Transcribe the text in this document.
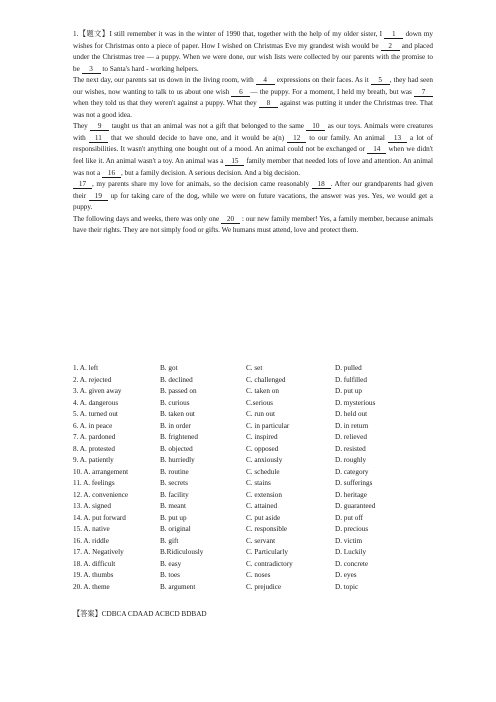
1.【题文】I still remember it was in the winter of 1990 that, together with the help of my older sister, I 1 down my wishes for Christmas onto a piece of paper. How I wished on Christmas Eve my grandest wish would be 2 and placed under the Christmas tree — a puppy. When we were done, our wish lists were collected by our parents with the promise to be 3 to Santa's hard - working helpers.

The next day, our parents sat us down in the living room, with 4 expressions on their faces. As it 5 , they had seen our wishes, now wanting to talk to us about one wish 6 — the puppy. For a moment, I held my breath, but was 7 when they told us that they weren't against a puppy. What they 8 against was putting it under the Christmas tree. That was not a good idea.

They 9 taught us that an animal was not a gift that belonged to the same 10 as our toys. Animals were creatures with 11 that we should decide to have one, and it would be a(n) 12 to our family. An animal 13 a lot of responsibilities. It wasn't anything one bought out of a mood. An animal could not be exchanged or 14 when we didn't feel like it. An animal wasn't a toy. An animal was a 15 family member that needed lots of love and attention. An animal was not a 16 , but a family decision. A serious decision. And a big decision.

17 , my parents share my love for animals, so the decision came reasonably 18 . After our grandparents had given their 19 up for taking care of the dog, while we were on future vacations, the answer was yes. Yes, we would get a puppy.

The following days and weeks, there was only one 20 : our new family member! Yes, a family member, because animals have their rights. They are not simply food or gifts. We humans must attend, love and protect them.

1. A. left	B. got	C. set	D. pulled
2. A. rejected	B. declined	C. challenged	D. fulfilled
3. A. given away	B. passed on	C. taken on	D. put up
4. A. dangerous	B. curious	C.serious	D. mysterious
5. A. turned out	B. taken out	C. run out	D. held out
6. A. in peace	B. in order	C. in particular	D. in return
7. A. pardoned	B. frightened	C. inspired	D. relieved
8. A. protested	B. objected	C. opposed	D. resisted
9. A. patiently	B. hurriedly	C. anxiously	D. roughly
10. A. arrangement	B. routine	C. schedule	D. category
11. A. feelings	B. secrets	C. stains	D. sufferings
12. A. convenience	B. facility	C. extension	D. heritage
13. A. signed	B. meant	C. attained	D. guaranteed
14. A. put forward	B. put up	C. put aside	D. put off
15. A. native	B. original	C. responsible	D. precious
16. A. riddle	B. gift	C. servant	D. victim
17. A. Negatively	B.Ridiculously	C. Particularly	D. Luckily
18. A. difficult	B. easy	C. contradictory	D. concrete
19. A. thumbs	B. toes	C. noses	D. eyes
20. A. theme	B. argument	C. prejudice	D. topic
【答案】CDBCA CDAAD ACBCD BDBAD
